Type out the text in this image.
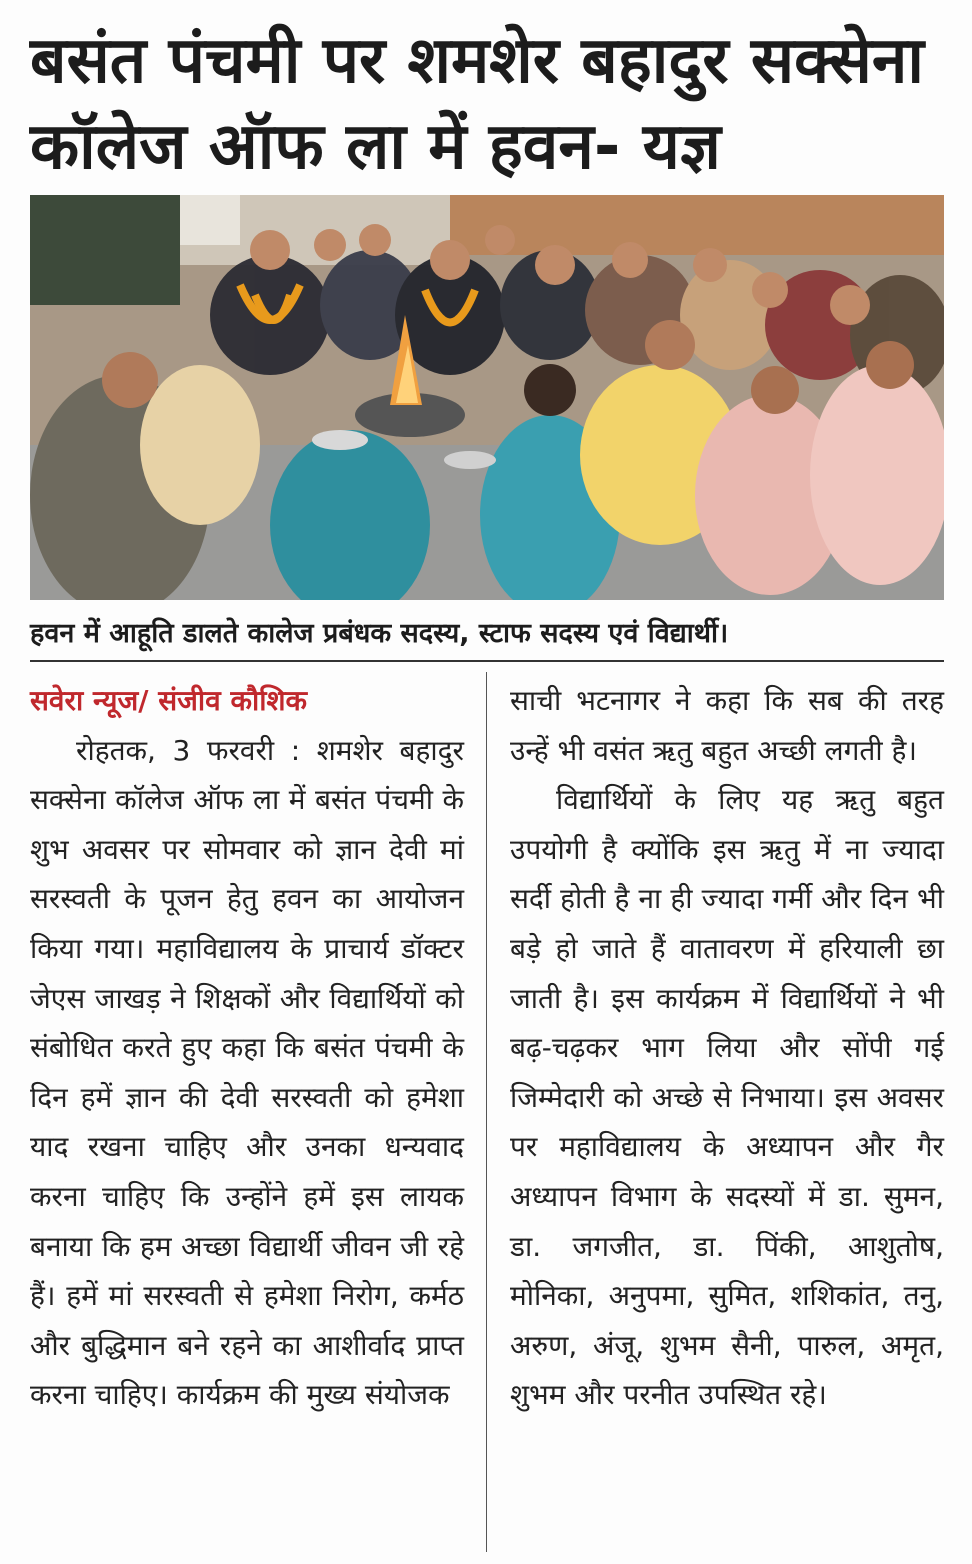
बसंत पंचमी पर शमशेर बहादुर सक्सेना
कॉलेज ऑफ ला में हवन- यज्ञ
हवन में आहूति डालते कालेज प्रबंधक सदस्य, स्टाफ सदस्य एवं विद्यार्थी।

सवेरा न्यूज/ संजीव कौशिक

रोहतक, 3 फरवरी : शमशेर बहादुर सक्सेना कॉलेज ऑफ ला में बसंत पंचमी के शुभ अवसर पर सोमवार को ज्ञान देवी मां सरस्वती के पूजन हेतु हवन का आयोजन किया गया। महाविद्यालय के प्राचार्य डॉक्टर जेएस जाखड़ ने शिक्षकों और विद्यार्थियों को संबोधित करते हुए कहा कि बसंत पंचमी के दिन हमें ज्ञान की देवी सरस्वती को हमेशा याद रखना चाहिए और उनका धन्यवाद करना चाहिए कि उन्होंने हमें इस लायक बनाया कि हम अच्छा विद्यार्थी जीवन जी रहे हैं। हमें मां सरस्वती से हमेशा निरोग, कर्मठ और बुद्धिमान बने रहने का आशीर्वाद प्राप्त करना चाहिए। कार्यक्रम की मुख्य संयोजक

साची भटनागर ने कहा कि सब की तरह उन्हें भी वसंत ऋतु बहुत अच्छी लगती है।

विद्यार्थियों के लिए यह ऋतु बहुत उपयोगी है क्योंकि इस ऋतु में ना ज्यादा सर्दी होती है ना ही ज्यादा गर्मी और दिन भी बड़े हो जाते हैं वातावरण में हरियाली छा जाती है। इस कार्यक्रम में विद्यार्थियों ने भी बढ़-चढ़कर भाग लिया और सोंपी गई जिम्मेदारी को अच्छे से निभाया। इस अवसर पर महाविद्यालय के अध्यापन और गैर अध्यापन विभाग के सदस्यों में डा. सुमन, डा. जगजीत, डा. पिंकी, आशुतोष, मोनिका, अनुपमा, सुमित, शशिकांत, तनु, अरुण, अंजू, शुभम सैनी, पारुल, अमृत, शुभम और परनीत उपस्थित रहे।
